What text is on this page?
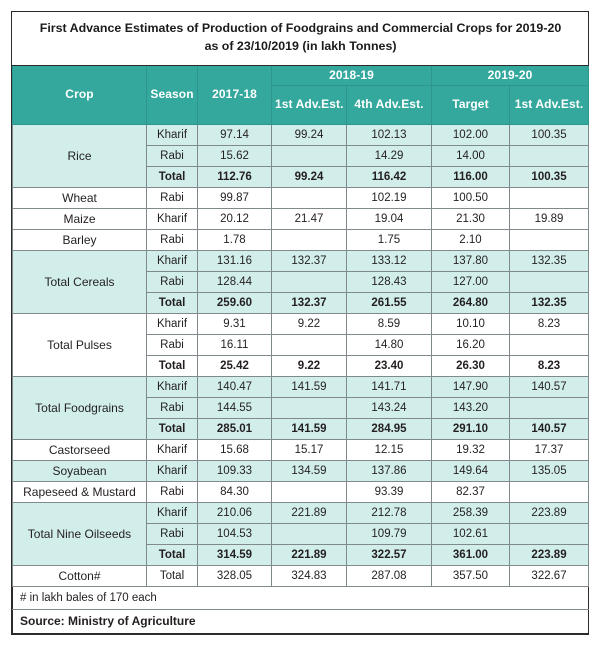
First Advance Estimates of Production of Foodgrains and Commercial Crops for 2019-20
as of 23/10/2019 (in lakh Tonnes)						

Crop	Season	2017-18	2018-19		2019-20	
			1st Adv.Est.	4th Adv.Est.	Target	1st Adv.Est.
Rice	Kharif	97.14	99.24	102.13	102.00	100.35
	Rabi	15.62		14.29	14.00	
	Total	112.76	99.24	116.42	116.00	100.35
Wheat	Rabi	99.87		102.19	100.50	
Maize	Kharif	20.12	21.47	19.04	21.30	19.89
Barley	Rabi	1.78		1.75	2.10	
Total Cereals	Kharif	131.16	132.37	133.12	137.80	132.35
	Rabi	128.44		128.43	127.00	
	Total	259.60	132.37	261.55	264.80	132.35
Total Pulses	Kharif	9.31	9.22	8.59	10.10	8.23
	Rabi	16.11		14.80	16.20	
	Total	25.42	9.22	23.40	26.30	8.23
Total Foodgrains	Kharif	140.47	141.59	141.71	147.90	140.57
	Rabi	144.55		143.24	143.20	
	Total	285.01	141.59	284.95	291.10	140.57
Castorseed	Kharif	15.68	15.17	12.15	19.32	17.37
Soyabean	Kharif	109.33	134.59	137.86	149.64	135.05
Rapeseed & Mustard	Rabi	84.30		93.39	82.37	
Total Nine Oilseeds	Kharif	210.06	221.89	212.78	258.39	223.89
	Rabi	104.53		109.79	102.61	
	Total	314.59	221.89	322.57	361.00	223.89
Cotton#	Total	328.05	324.83	287.08	357.50	322.67
# in lakh bales of 170 each						
Source: Ministry of Agriculture						
